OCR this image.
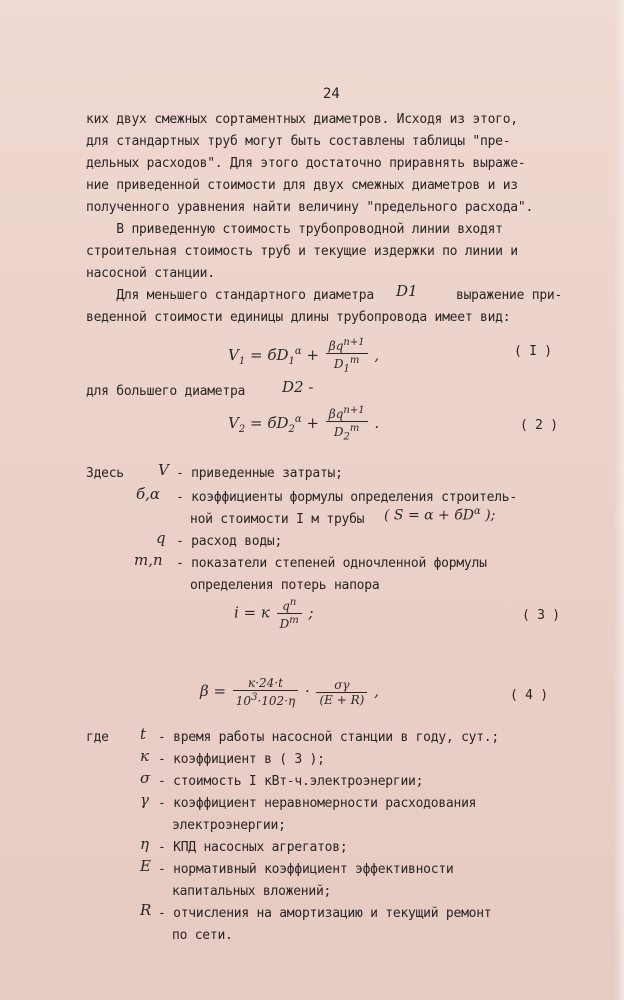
24
ких двух смежных сортаментных диаметров. Исходя из этого,
для стандартных труб могут быть составлены таблицы "пре-
дельных расходов". Для этого достаточно приравнять выраже-
ние приведенной стоимости для двух смежных диаметров и из
полученного уравнения найти величину "предельного расхода".
В приведенную стоимость трубопроводной линии входят
строительная стоимость труб и текущие издержки по линии и
насосной станции.
Для меньшего стандартного диаметра D1	выражение при-
веденной стоимости единицы длины трубопровода имеет вид:
$V_1 = бD_1^\alpha + \frac{\beta q^{n+1}}{D_1^m}$ ,	( I )
для большего диаметра D2 -
$V_2 = бD_2^\alpha + \frac{\beta q^{n+1}}{D_2^m}$ .	( 2 )
Здесь V - приведенные затраты;
б,α - коэффициенты формулы определения строитель-
ной стоимости I м трубы ( $S = \alpha + бD^\alpha$ );
q - расход воды;
m,n - показатели степеней одночленной формулы
определения потерь напора
i = к $\frac{q^n}{D^m}$ ;	( 3 )
$\beta = \frac{к\cdot 24\cdot t}{10^3\cdot 102\cdot\eta} \cdot \frac{\sigma\gamma}{(E + R)}$ ,	( 4 )
где t - время работы насосной станции в году, сут.;
к - коэффициент в ( 3 );
σ - стоимость I кВт-ч.электроэнергии;
γ - коэффициент неравномерности расходования
электроэнергии;
η - КПД насосных агрегатов;
E - нормативный коэффициент эффективности
капитальных вложений;
R - отчисления на амортизацию и текущий ремонт
по сети.
